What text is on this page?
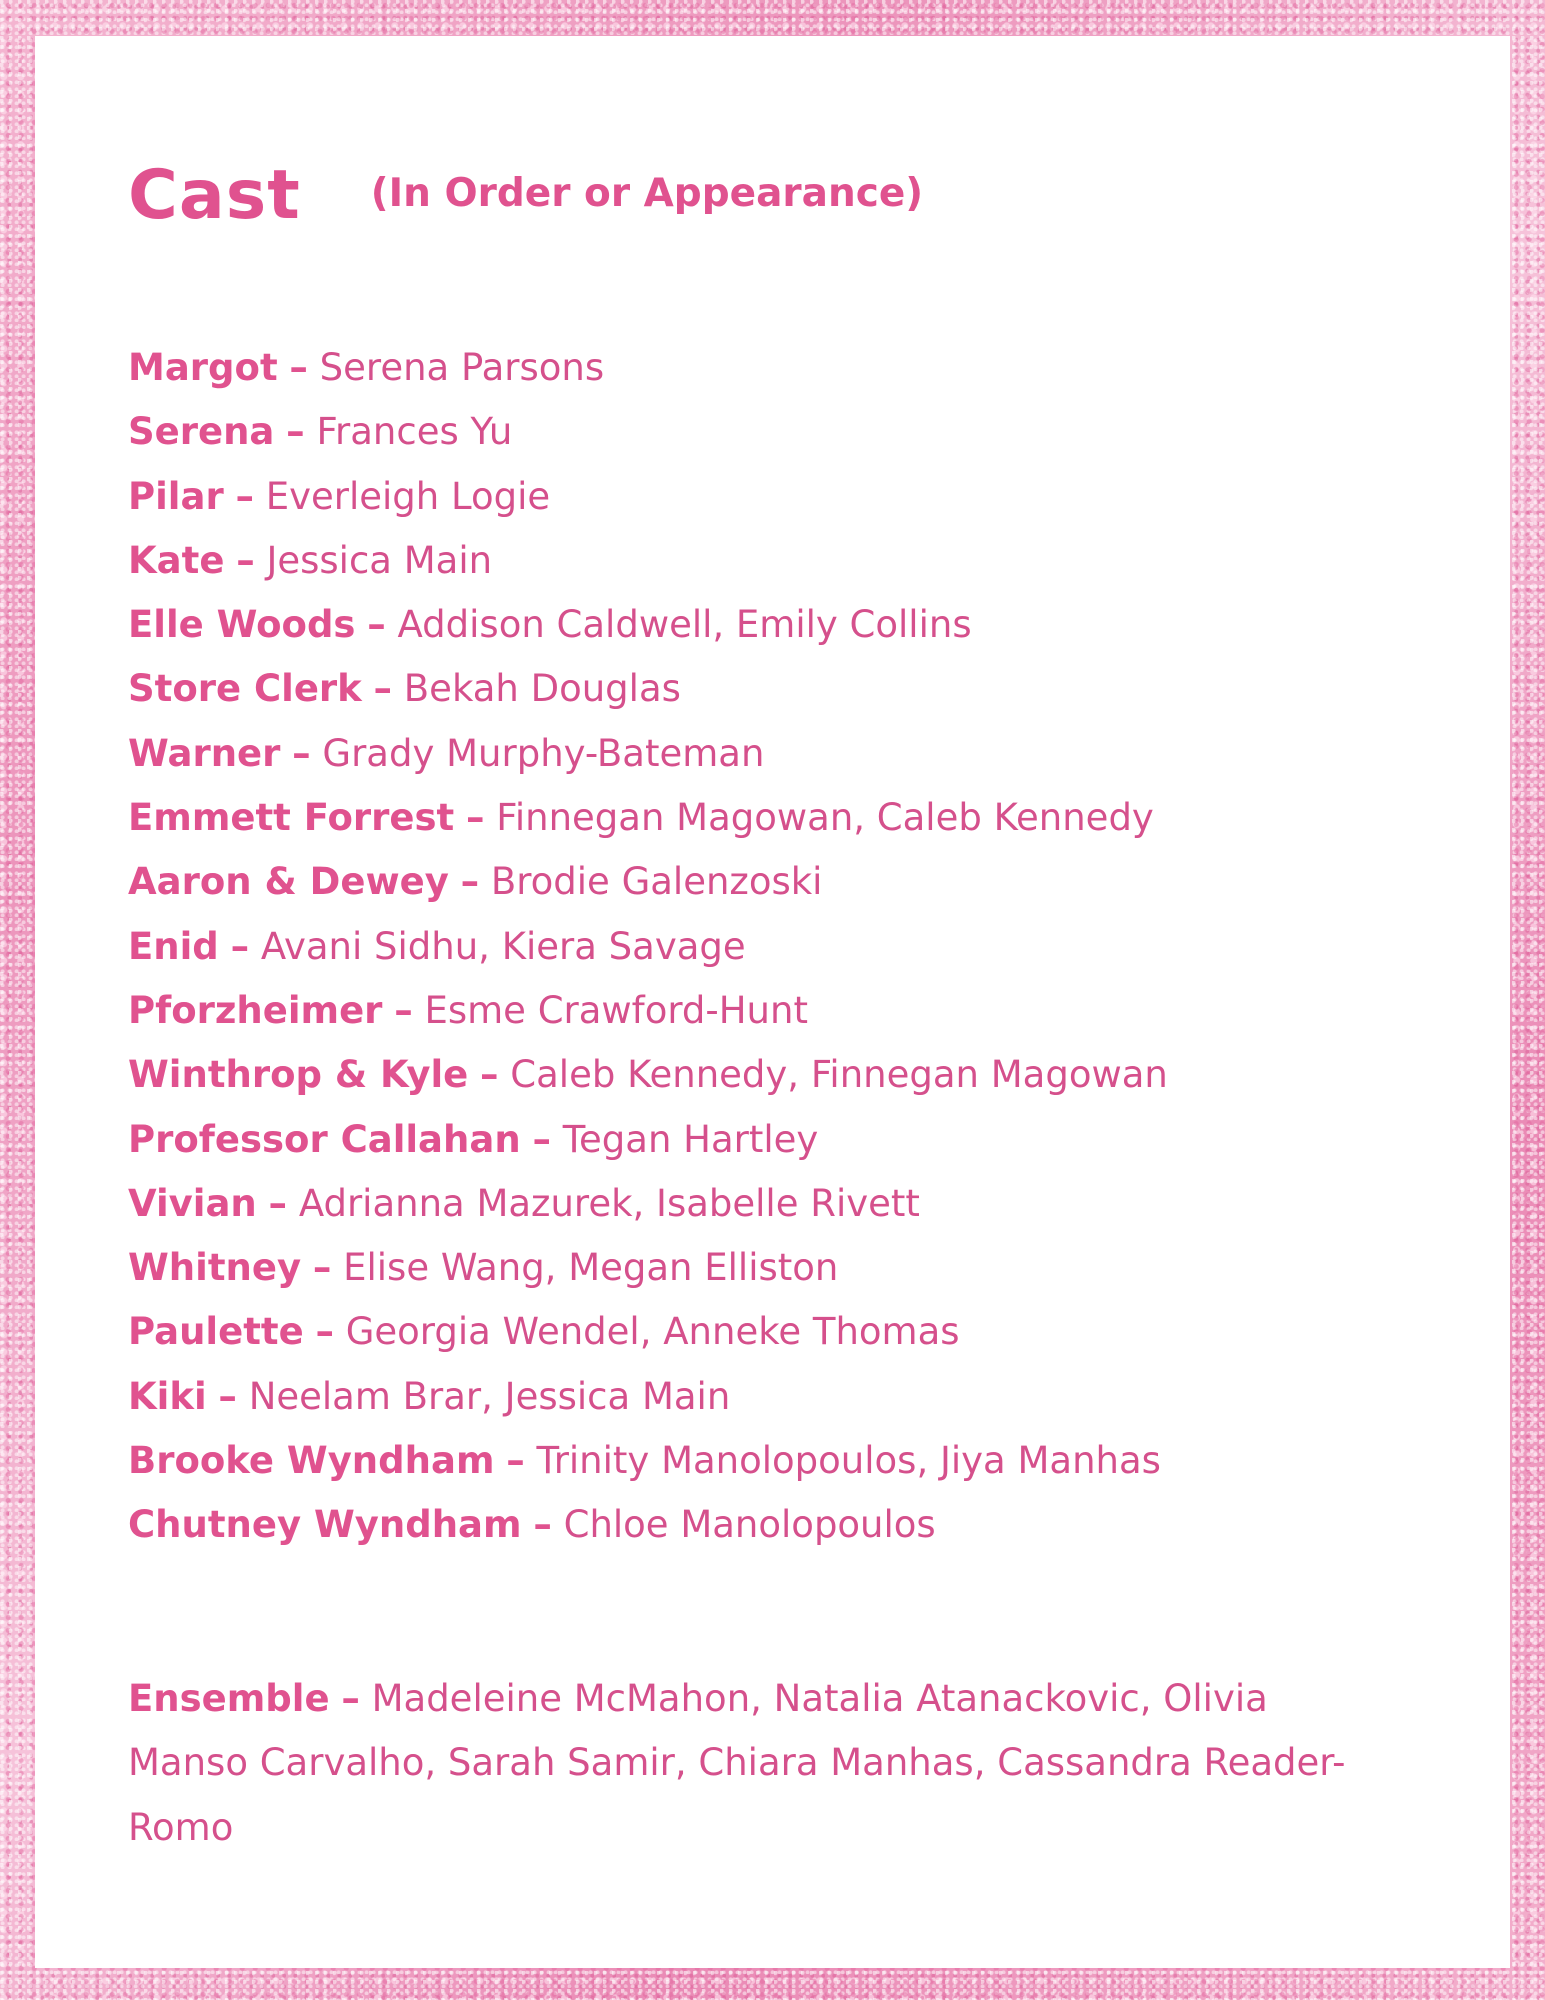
Cast (In Order or Appearance)
Margot – Serena Parsons
Serena – Frances Yu
Pilar – Everleigh Logie
Kate – Jessica Main
Elle Woods – Addison Caldwell, Emily Collins
Store Clerk – Bekah Douglas
Warner – Grady Murphy-Bateman
Emmett Forrest – Finnegan Magowan, Caleb Kennedy
Aaron & Dewey – Brodie Galenzoski
Enid – Avani Sidhu, Kiera Savage
Pforzheimer – Esme Crawford-Hunt
Winthrop & Kyle – Caleb Kennedy, Finnegan Magowan
Professor Callahan – Tegan Hartley
Vivian – Adrianna Mazurek, Isabelle Rivett
Whitney – Elise Wang, Megan Elliston
Paulette – Georgia Wendel, Anneke Thomas
Kiki – Neelam Brar, Jessica Main
Brooke Wyndham – Trinity Manolopoulos, Jiya Manhas
Chutney Wyndham – Chloe Manolopoulos

Ensemble – Madeleine McMahon, Natalia Atanackovic, Olivia Manso Carvalho, Sarah Samir, Chiara Manhas, Cassandra Reader-Romo
